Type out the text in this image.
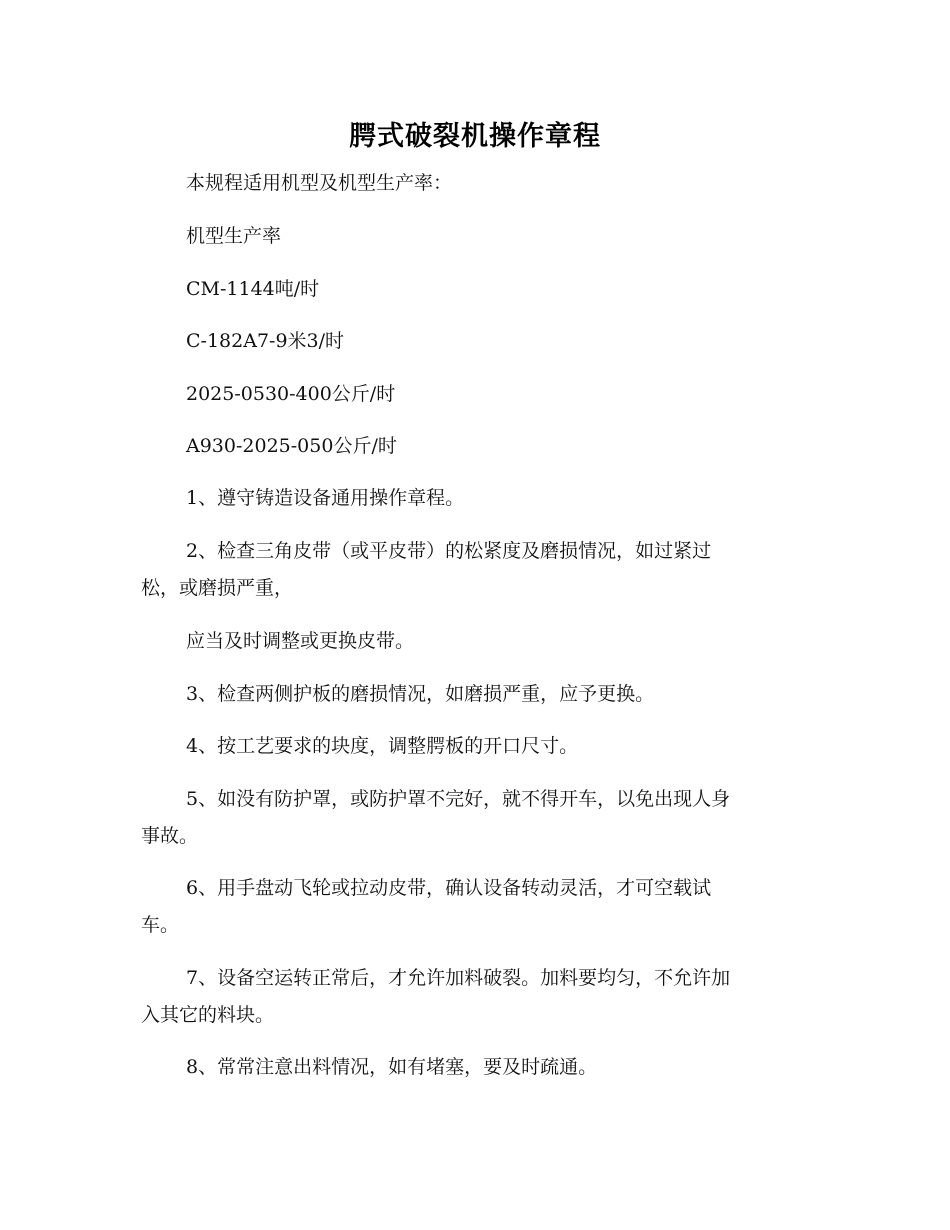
腭式破裂机操作章程
本规程适用机型及机型生产率：
机型生产率
CM-1144吨/时
C-182A7-9米3/时
2025-0530-400公斤/时
A930-2025-050公斤/时
1、遵守铸造设备通用操作章程。
2、检查三角皮带（或平皮带）的松紧度及磨损情况，如过紧过
松，或磨损严重，
应当及时调整或更换皮带。
3、检查两侧护板的磨损情况，如磨损严重，应予更换。
4、按工艺要求的块度，调整腭板的开口尺寸。
5、如没有防护罩，或防护罩不完好，就不得开车，以免出现人身
事故。
6、用手盘动飞轮或拉动皮带，确认设备转动灵活，才可空载试
车。
7、设备空运转正常后，才允许加料破裂。加料要均匀，不允许加
入其它的料块。
8、常常注意出料情况，如有堵塞，要及时疏通。
